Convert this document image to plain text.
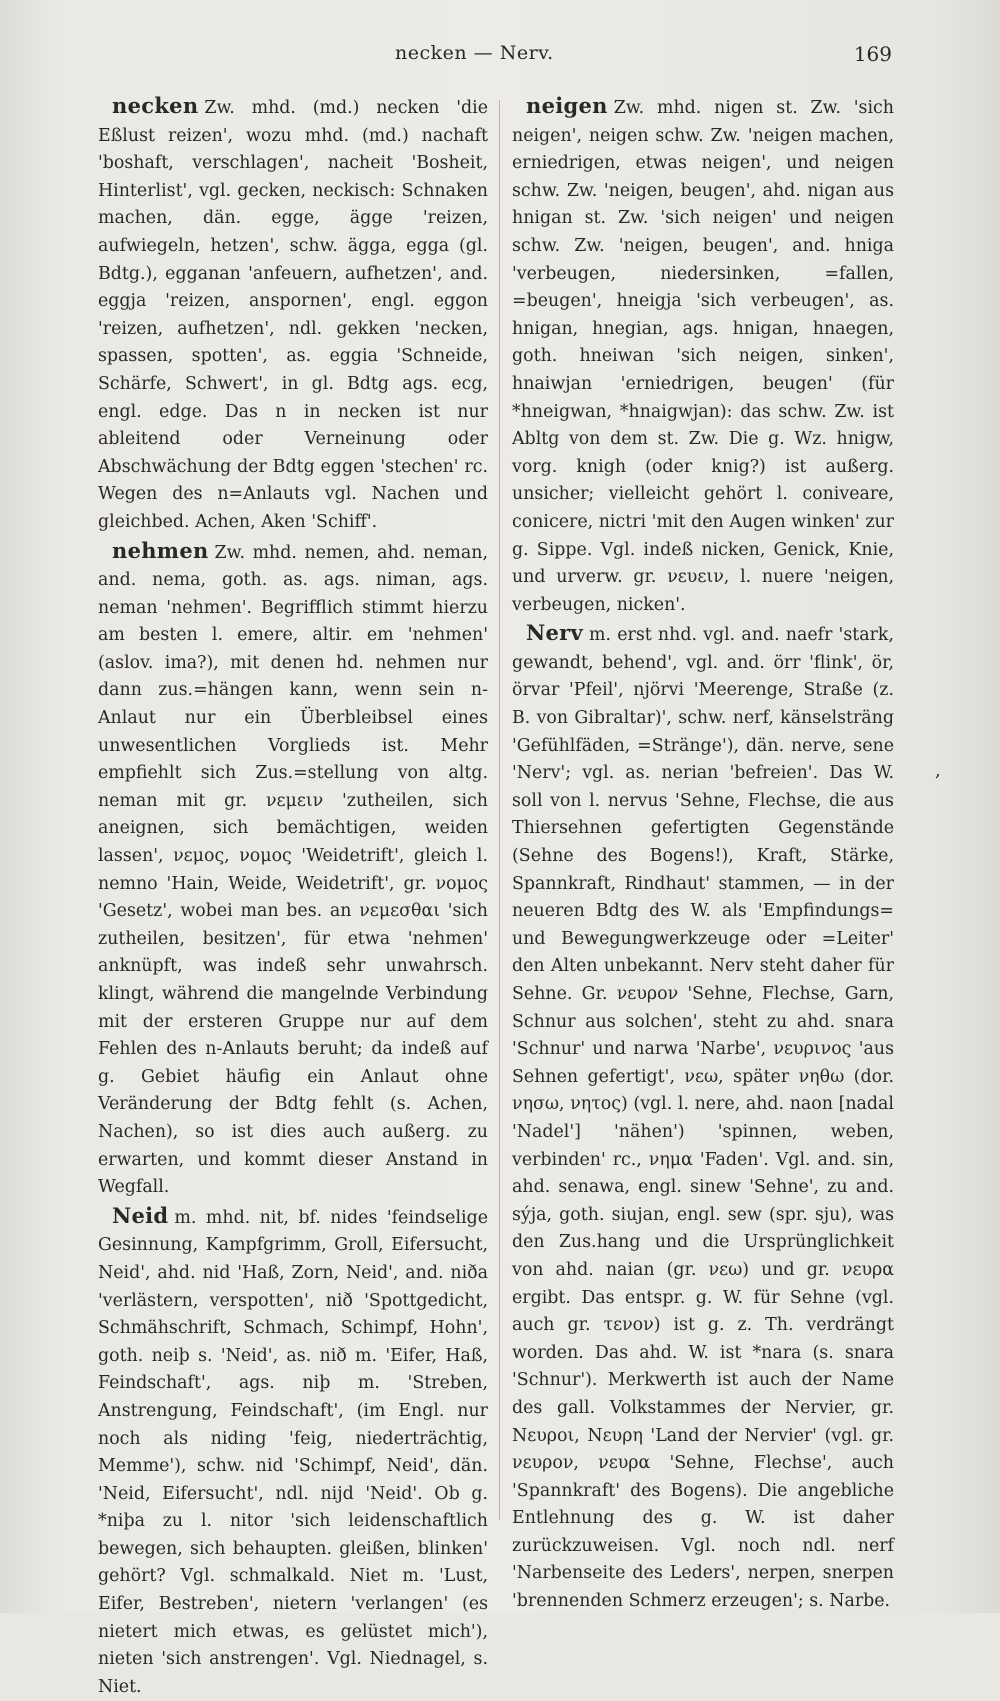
necken — Nerv.	169

necken Zw. mhd. (md.) necken 'die Eßlust reizen', wozu mhd. (md.) nachaft 'boshaft, verschlagen', nacheit 'Bosheit, Hinterlist', vgl. gecken, neckisch: Schnaken machen, dän. egge, ägge 'reizen, aufwiegeln, hetzen', schw. ägga, egga (gl. Bdtg.), egganan 'anfeuern, aufhetzen', and. eggja 'reizen, anspornen', engl. eggon 'reizen, aufhetzen', ndl. gekken 'necken, spassen, spotten', as. eggia 'Schneide, Schärfe, Schwert', in gl. Bdtg ags. ecg, engl. edge. Das n in necken ist nur ableitend oder Verneinung oder Abschwächung der Bdtg eggen 'stechen' rc. Wegen des n=Anlauts vgl. Nachen und gleichbed. Achen, Aken 'Schiff'.

nehmen Zw. mhd. nemen, ahd. neman, and. nema, goth. as. ags. niman, ags. neman 'nehmen'. Begrifflich stimmt hierzu am besten l. emere, altir. em 'nehmen' (aslov. ima?), mit denen hd. nehmen nur dann zus.=hängen kann, wenn sein n-Anlaut nur ein Überbleibsel eines unwesentlichen Vorglieds ist. Mehr empfiehlt sich Zus.=stellung von altg. neman mit gr. νεμειν 'zutheilen, sich aneignen, sich bemächtigen, weiden lassen', νεμος, νομος 'Weidetrift', gleich l. nemno 'Hain, Weide, Weidetrift', gr. νομος 'Gesetz', wobei man bes. an νεμεσθαι 'sich zutheilen, besitzen', für etwa 'nehmen' anknüpft, was indeß sehr unwahrsch. klingt, während die mangelnde Verbindung mit der ersteren Gruppe nur auf dem Fehlen des n-Anlauts beruht; da indeß auf g. Gebiet häufig ein Anlaut ohne Veränderung der Bdtg fehlt (s. Achen, Nachen), so ist dies auch außerg. zu erwarten, und kommt dieser Anstand in Wegfall.

Neid m. mhd. nit, bf. nides 'feindselige Gesinnung, Kampfgrimm, Groll, Eifersucht, Neid', ahd. nid 'Haß, Zorn, Neid', and. niða 'verlästern, verspotten', nið 'Spottgedicht, Schmähschrift, Schmach, Schimpf, Hohn', goth. neiþ s. 'Neid', as. nið m. 'Eifer, Haß, Feindschaft', ags. niþ m. 'Streben, Anstrengung, Feindschaft', (im Engl. nur noch als niding 'feig, niederträchtig, Memme'), schw. nid 'Schimpf, Neid', dän. 'Neid, Eifersucht', ndl. nijd 'Neid'. Ob g. *niþa zu l. nitor 'sich leidenschaftlich bewegen, sich behaupten. gleißen, blinken' gehört? Vgl. schmalkald. Niet m. 'Lust, Eifer, Bestreben', nietern 'verlangen' (es nietert mich etwas, es gelüstet mich'), nieten 'sich anstrengen'. Vgl. Niednagel, s. Niet.

neigen Zw. mhd. nigen st. Zw. 'sich neigen', neigen schw. Zw. 'neigen machen, erniedrigen, etwas neigen', und neigen schw. Zw. 'neigen, beugen', ahd. nigan aus hnigan st. Zw. 'sich neigen' und neigen schw. Zw. 'neigen, beugen', and. hniga 'verbeugen, niedersinken, =fallen, =beugen', hneigja 'sich verbeugen', as. hnigan, hnegian, ags. hnigan, hnaegen, goth. hneiwan 'sich neigen, sinken', hnaiwjan 'erniedrigen, beugen' (für *hneigwan, *hnaigwjan): das schw. Zw. ist Abltg von dem st. Zw. Die g. Wz. hnigw, vorg. knigh (oder knig?) ist außerg. unsicher; vielleicht gehört l. coniveare, conicere, nictri 'mit den Augen winken' zur g. Sippe. Vgl. indeß nicken, Genick, Knie, und urverw. gr. νευειν, l. nuere 'neigen, verbeugen, nicken'.

Nerv m. erst nhd. vgl. and. naefr 'stark, gewandt, behend', vgl. and. örr 'flink', ör, örvar 'Pfeil', njörvi 'Meerenge, Straße (z. B. von Gibraltar)', schw. nerf, känselsträng 'Gefühlfäden, =Stränge'), dän. nerve, sene 'Nerv'; vgl. as. nerian 'befreien'. Das W. soll von l. nervus 'Sehne, Flechse, die aus Thiersehnen gefertigten Gegenstände (Sehne des Bogens!), Kraft, Stärke, Spannkraft, Rindhaut' stammen, — in der neueren Bdtg des W. als 'Empfindungs= und Bewegungwerkzeuge oder =Leiter' den Alten unbekannt. Nerv steht daher für Sehne. Gr. νευρον 'Sehne, Flechse, Garn, Schnur aus solchen', steht zu ahd. snara 'Schnur' und narwa 'Narbe', νευρινος 'aus Sehnen gefertigt', νεω, später νηθω (dor. νησω, νητος) (vgl. l. nere, ahd. naon [nadal 'Nadel'] 'nähen') 'spinnen, weben, verbinden' rc., νημα 'Faden'. Vgl. and. sin, ahd. senawa, engl. sinew 'Sehne', zu and. sýja, goth. siujan, engl. sew (spr. sju), was den Zus.hang und die Ursprünglichkeit von ahd. naian (gr. νεω) und gr. νευρα ergibt. Das entspr. g. W. für Sehne (vgl. auch gr. τενον) ist g. z. Th. verdrängt worden. Das ahd. W. ist *nara (s. snara 'Schnur'). Merkwerth ist auch der Name des gall. Volkstammes der Nervier, gr. Νευροι, Νευρη 'Land der Nervier' (vgl. gr. νευρον, νευρα 'Sehne, Flechse', auch 'Spannkraft' des Bogens). Die angebliche Entlehnung des g. W. ist daher zurückzuweisen. Vgl. noch ndl. nerf 'Narbenseite des Leders', nerpen, snerpen 'brennenden Schmerz erzeugen'; s. Narbe.

,
